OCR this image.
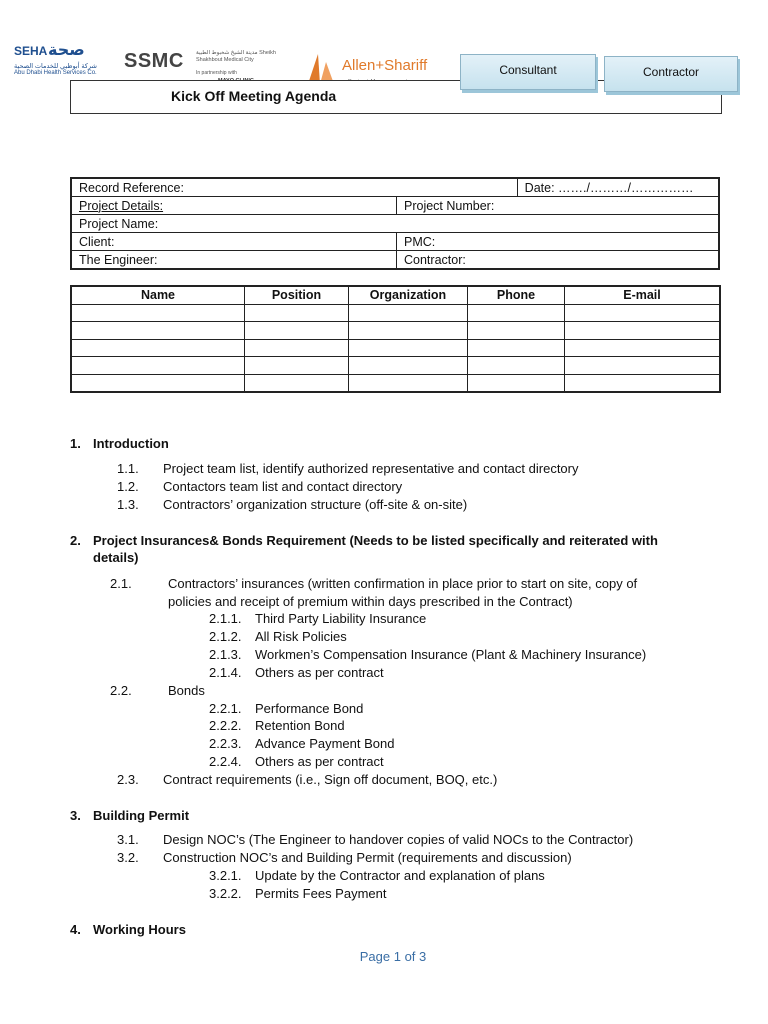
SEHA صحة
شركة أبوظبي للخدمات الصحية
Abu Dhabi Health Services Co.
SSMC مدينة الشيخ شخبوط الطبية Sheikh Shakhbout Medical City
In partnership with	Allen+Shariff
Kick Off Meeting Agenda
Consultant	Contractor
Record Reference:		Date: ……./………/……………
Project Details:	Project Number:	
Project Name:		
Client:	PMC:	
The Engineer:	Contractor:	
Name	Position	Organization	Phone	E-mail

1. Introduction
1.1. Project team list, identify authorized representative and contact directory
1.2. Contactors team list and contact directory
1.3. Contractors’ organization structure (off-site & on-site)
2. Project Insurances& Bonds Requirement (Needs to be listed specifically and reiterated with
details)
2.1.	Contractors’ insurances (written confirmation in place prior to start on site, copy of
policies and receipt of premium within days prescribed in the Contract)
2.1.1. Third Party Liability Insurance
2.1.2. All Risk Policies
2.1.3. Workmen’s Compensation Insurance (Plant & Machinery Insurance)
2.1.4. Others as per contract
2.2.	Bonds
2.2.1. Performance Bond
2.2.2. Retention Bond
2.2.3. Advance Payment Bond
2.2.4. Others as per contract
2.3. Contract requirements (i.e., Sign off document, BOQ, etc.)
3. Building Permit
3.1. Design NOC’s (The Engineer to handover copies of valid NOCs to the Contractor)
3.2. Construction NOC’s and Building Permit (requirements and discussion)
3.2.1. Update by the Contractor and explanation of plans
3.2.2. Permits Fees Payment
4. Working Hours
Page 1 of 3
